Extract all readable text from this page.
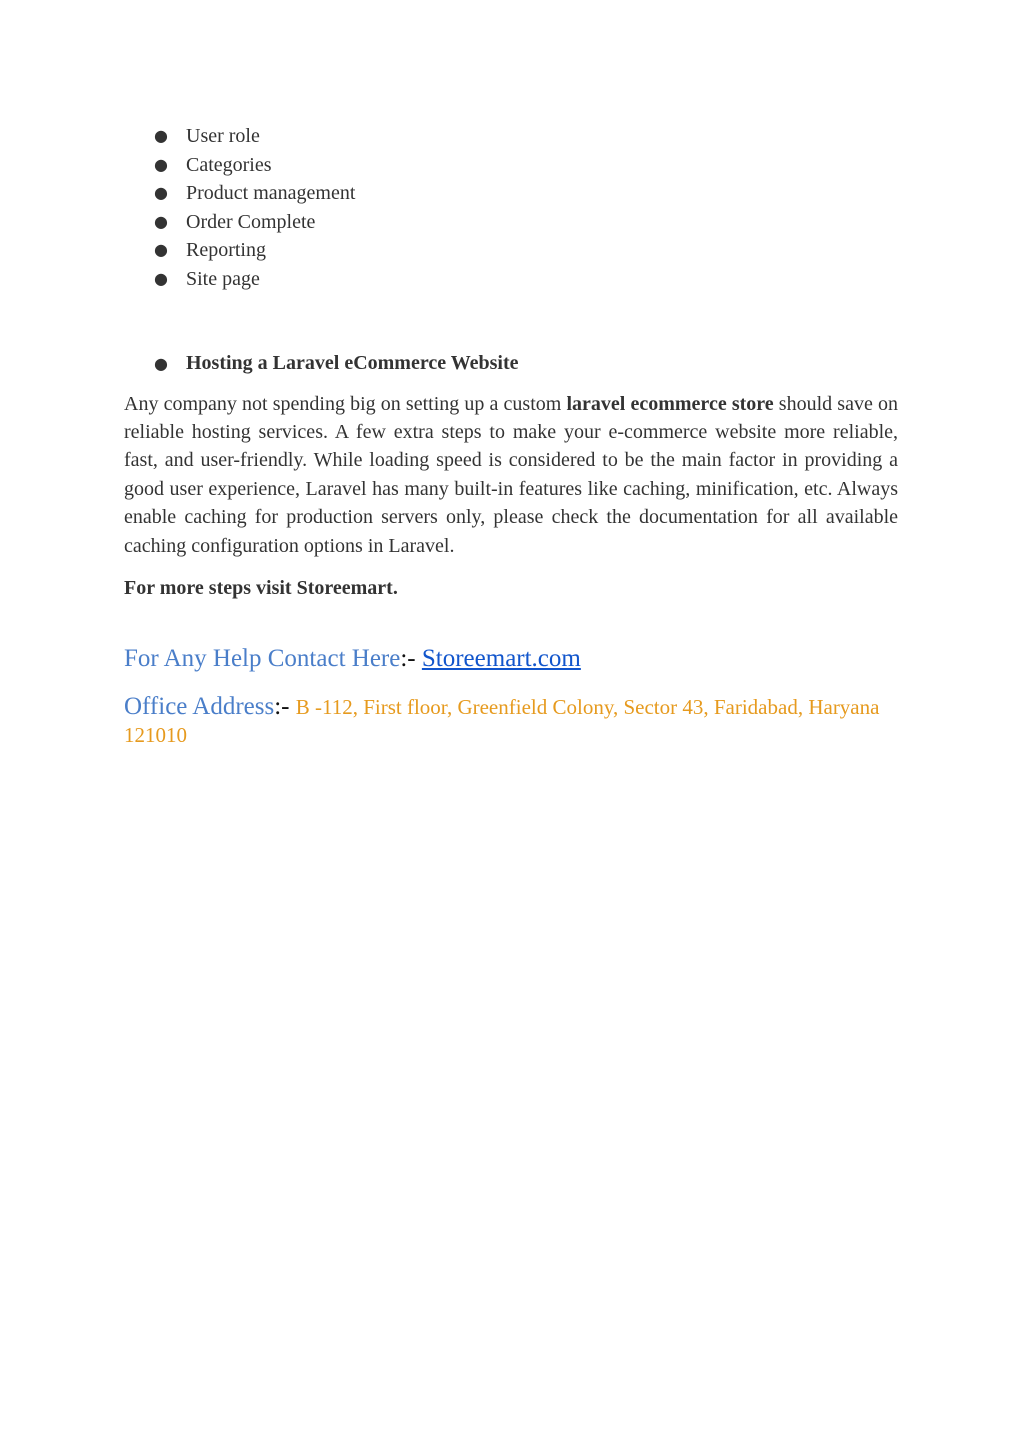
● User role
● Categories
● Product management
● Order Complete
● Reporting
● Site page
● Hosting a Laravel eCommerce Website

Any company not spending big on setting up a custom laravel ecommerce store should save on reliable hosting services. A few extra steps to make your e-commerce website more reliable, fast, and user-friendly. While loading speed is considered to be the main factor in providing a good user experience, Laravel has many built-in features like caching, minification, etc. Always enable caching for production servers only, please check the documentation for all available caching configuration options in Laravel.

For more steps visit Storeemart.

For Any Help Contact Here:- Storeemart.com
Office Address:- B -112, First floor, Greenfield Colony, Sector 43, Faridabad, Haryana 121010
